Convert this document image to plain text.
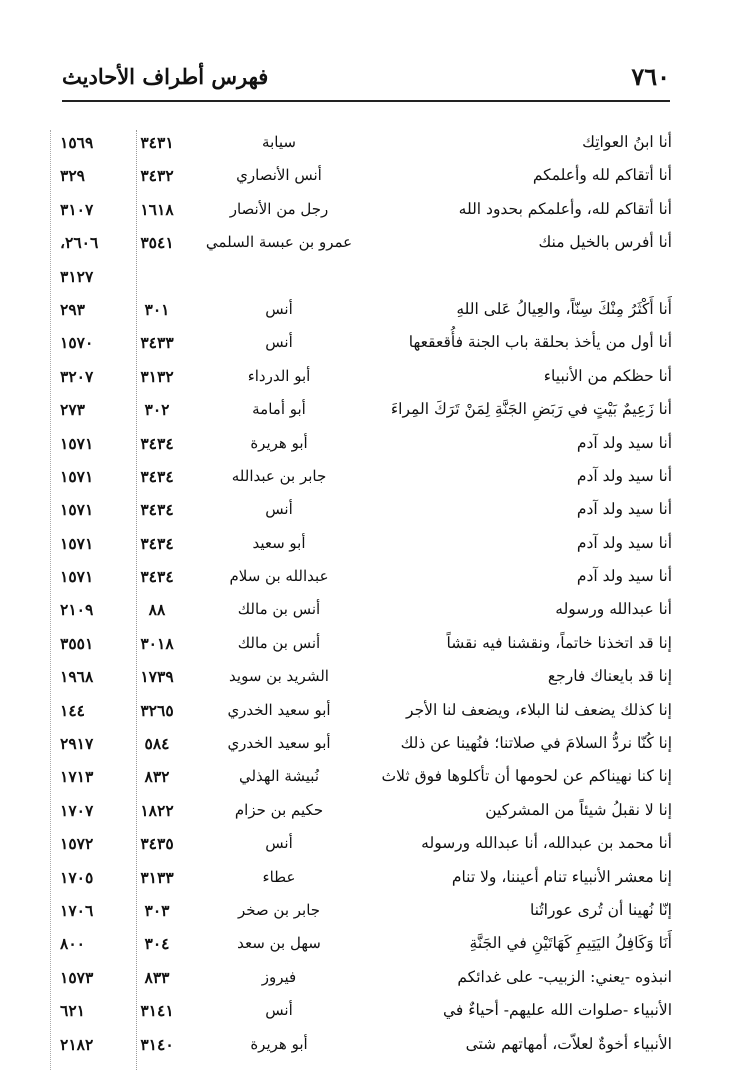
٧٦٠
فهرس أطراف الأحاديث
أنا ابنُ العواتِك
سيابة
٣٤٣١
١٥٦٩
أنا أتقاكم لله وأعلمكم
أنس الأنصاري
٣٤٣٢
٣٢٩
أنا أتقاكم لله، وأعلمكم بحدود الله
رجل من الأنصار
١٦١٨
٣١٠٧
أنا أفرس بالخيل منك
عمرو بن عبسة السلمي
٣٥٤١
٢٦٠٦،
٣١٢٧
أَنا أَكْثَرُ مِنْكَ سِنّاً، والعِيالُ عَلى اللهِ
أنس
٣٠١
٢٩٣
أنا أول من يأخذ بحلقة باب الجنة فأُقعقعها
أنس
٣٤٣٣
١٥٧٠
أنا حظكم من الأنبياء
أبو الدرداء
٣١٣٢
٣٢٠٧
أنا زَعِيمٌ بَيْتٍ في رَبَضِ الجَنَّةِ لِمَنْ تَرَكَ المِراءَ
أبو أمامة
٣٠٢
٢٧٣
أنا سيد ولد آدم
أبو هريرة
٣٤٣٤
١٥٧١
أنا سيد ولد آدم
جابر بن عبدالله
٣٤٣٤
١٥٧١
أنا سيد ولد آدم
أنس
٣٤٣٤
١٥٧١
أنا سيد ولد آدم
أبو سعيد
٣٤٣٤
١٥٧١
أنا سيد ولد آدم
عبدالله بن سلام
٣٤٣٤
١٥٧١
أنا عبدالله ورسوله
أنس بن مالك
٨٨
٢١٠٩
إنا قد اتخذنا خاتماً، ونقشنا فيه نقشاً
أنس بن مالك
٣٠١٨
٣٥٥١
إنا قد بايعناك فارجع
الشريد بن سويد
١٧٣٩
١٩٦٨
إنا كذلك يضعف لنا البلاء، ويضعف لنا الأجر
أبو سعيد الخدري
٣٢٦٥
١٤٤
إنا كُنّا نردُّ السلامَ في صلاتنا؛ فنُهينا عن ذلك
أبو سعيد الخدري
٥٨٤
٢٩١٧
إنا كنا نهيناكم عن لحومها أن تأكلوها فوق ثلاث
نُبيشة الهذلي
٨٣٢
١٧١٣
إنا لا نقبلُ شيئاً من المشركين
حكيم بن حزام
١٨٢٢
١٧٠٧
أنا محمد بن عبدالله، أنا عبدالله ورسوله
أنس
٣٤٣٥
١٥٧٢
إنا معشر الأنبياء تنام أعيننا، ولا تنام
عطاء
٣١٣٣
١٧٠٥
إنّا نُهينا أن تُرى عوراتُنا
جابر بن صخر
٣٠٣
١٧٠٦
أَنَا وَكَافِلُ اليَتِيمِ كَهَاتَيْنِ في الجَنَّةِ
سهل بن سعد
٣٠٤
٨٠٠
انبذوه -يعني: الزبيب- على غدائكم
فيروز
٨٣٣
١٥٧٣
الأنبياء -صلوات الله عليهم- أحياءٌ في
أنس
٣١٤١
٦٢١
الأنبياء أخوةٌ لعلاّت، أمهاتهم شتى
أبو هريرة
٣١٤٠
٢١٨٢
